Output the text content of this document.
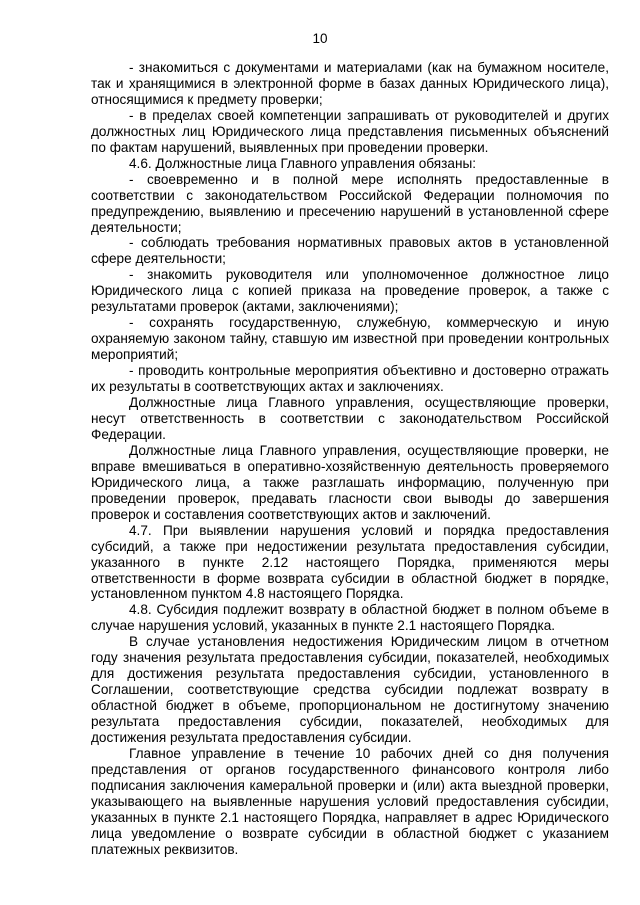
10

- знакомиться с документами и материалами (как на бумажном носителе, так и хранящимися в электронной форме в базах данных Юридического лица), относящимися к предмету проверки;

- в пределах своей компетенции запрашивать от руководителей и других должностных лиц Юридического лица представления письменных объяснений по фактам нарушений, выявленных при проведении проверки.

4.6. Должностные лица Главного управления обязаны:

- своевременно и в полной мере исполнять предоставленные в соответствии с законодательством Российской Федерации полномочия по предупреждению, выявлению и пресечению нарушений в установленной сфере деятельности;

- соблюдать требования нормативных правовых актов в установленной сфере деятельности;

- знакомить руководителя или уполномоченное должностное лицо Юридического лица с копией приказа на проведение проверок, а также с результатами проверок (актами, заключениями);

- сохранять государственную, служебную, коммерческую и иную охраняемую законом тайну, ставшую им известной при проведении контрольных мероприятий;

- проводить контрольные мероприятия объективно и достоверно отражать их результаты в соответствующих актах и заключениях.

Должностные лица Главного управления, осуществляющие проверки, несут ответственность в соответствии с законодательством Российской Федерации.

Должностные лица Главного управления, осуществляющие проверки, не вправе вмешиваться в оперативно-хозяйственную деятельность проверяемого Юридического лица, а также разглашать информацию, полученную при проведении проверок, предавать гласности свои выводы до завершения проверок и составления соответствующих актов и заключений.

4.7. При выявлении нарушения условий и порядка предоставления субсидий, а также при недостижении результата предоставления субсидии, указанного в пункте 2.12 настоящего Порядка, применяются меры ответственности в форме возврата субсидии в областной бюджет в порядке, установленном пунктом 4.8 настоящего Порядка.

4.8. Субсидия подлежит возврату в областной бюджет в полном объеме в случае нарушения условий, указанных в пункте 2.1 настоящего Порядка.

В случае установления недостижения Юридическим лицом в отчетном году значения результата предоставления субсидии, показателей, необходимых для достижения результата предоставления субсидии, установленного в Соглашении, соответствующие средства субсидии подлежат возврату в областной бюджет в объеме, пропорциональном не достигнутому значению результата предоставления субсидии, показателей, необходимых для достижения результата предоставления субсидии.

Главное управление в течение 10 рабочих дней со дня получения представления от органов государственного финансового контроля либо подписания заключения камеральной проверки и (или) акта выездной проверки, указывающего на выявленные нарушения условий предоставления субсидии, указанных в пункте 2.1 настоящего Порядка, направляет в адрес Юридического лица уведомление о возврате субсидии в областной бюджет с указанием платежных реквизитов.
